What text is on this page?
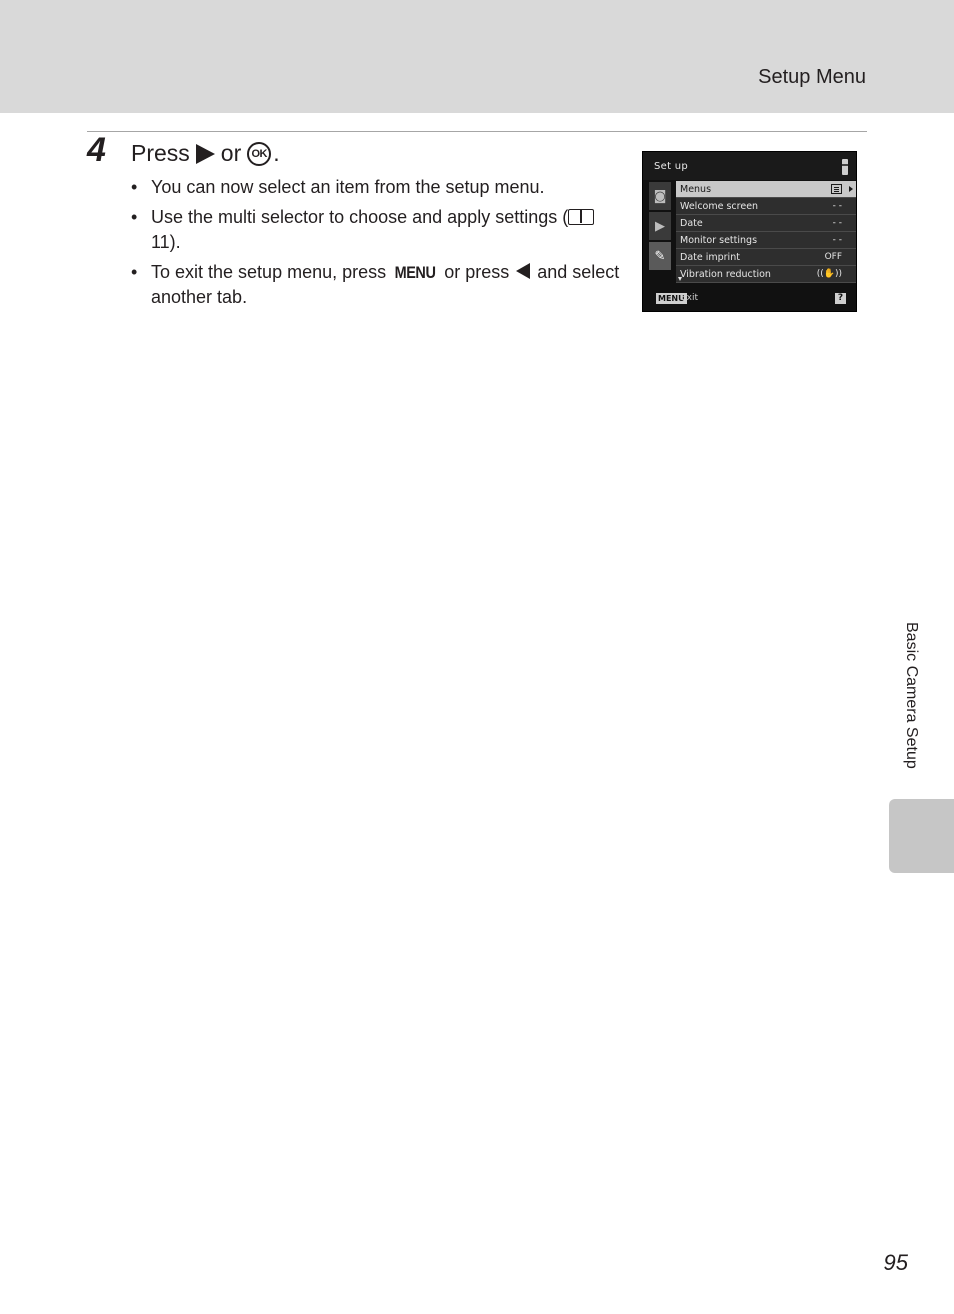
Setup Menu
4 Press or OK .
• You can now select an item from the setup menu.
• Use the multi selector to choose and apply settings ( 11).
• To exit the setup menu, press MENU or press  and select another tab.
Set up
◙
▶
✎
Menus
Welcome screen	- -
Date	- -
Monitor settings	- -
Date imprint	OFF
Vibration reduction	((✋))
MENU
Exit	?
Basic Camera Setup
95
